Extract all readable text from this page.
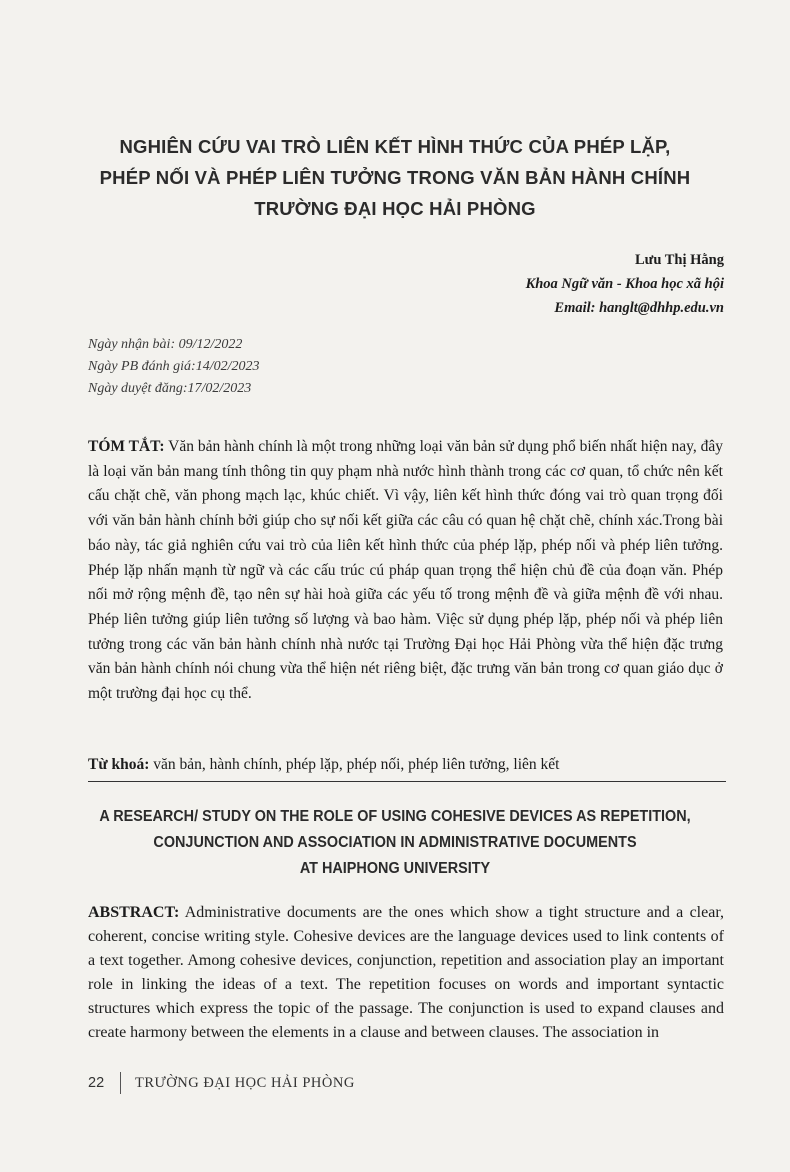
NGHIÊN CỨU VAI TRÒ LIÊN KẾT HÌNH THỨC CỦA PHÉP LẶP,
PHÉP NỐI VÀ PHÉP LIÊN TƯỞNG TRONG VĂN BẢN HÀNH CHÍNH
TRƯỜNG ĐẠI HỌC HẢI PHÒNG
Lưu Thị Hằng
Khoa Ngữ văn - Khoa học xã hội
Email: hanglt@dhhp.edu.vn
Ngày nhận bài: 09/12/2022
Ngày PB đánh giá:14/02/2023
Ngày duyệt đăng:17/02/2023
TÓM TẮT: Văn bản hành chính là một trong những loại văn bản sử dụng phổ biến nhất hiện nay, đây là loại văn bản mang tính thông tin quy phạm nhà nước hình thành trong các cơ quan, tổ chức nên kết cấu chặt chẽ, văn phong mạch lạc, khúc chiết. Vì vậy, liên kết hình thức đóng vai trò quan trọng đối với văn bản hành chính bởi giúp cho sự nối kết giữa các câu có quan hệ chặt chẽ, chính xác.Trong bài báo này, tác giả nghiên cứu vai trò của liên kết hình thức của phép lặp, phép nối và phép liên tưởng. Phép lặp nhấn mạnh từ ngữ và các cấu trúc cú pháp quan trọng thể hiện chủ đề của đoạn văn. Phép nối mở rộng mệnh đề, tạo nên sự hài hoà giữa các yếu tố trong mệnh đề và giữa mệnh đề với nhau. Phép liên tưởng giúp liên tưởng số lượng và bao hàm. Việc sử dụng phép lặp, phép nối và phép liên tưởng trong các văn bản hành chính nhà nước tại Trường Đại học Hải Phòng vừa thể hiện đặc trưng văn bản hành chính nói chung vừa thể hiện nét riêng biệt, đặc trưng văn bản trong cơ quan giáo dục ở một trường đại học cụ thể.
Từ khoá: văn bản, hành chính, phép lặp, phép nối, phép liên tưởng, liên kết
A RESEARCH/ STUDY ON THE ROLE OF USING COHESIVE DEVICES AS REPETITION,
CONJUNCTION AND ASSOCIATION IN ADMINISTRATIVE DOCUMENTS
AT HAIPHONG UNIVERSITY
ABSTRACT: Administrative documents are the ones which show a tight structure and a clear, coherent, concise writing style. Cohesive devices are the language devices used to link contents of a text together. Among cohesive devices, conjunction, repetition and association play an important role in linking the ideas of a text. The repetition focuses on words and important syntactic structures which express the topic of the passage. The conjunction is used to expand clauses and create harmony between the elements in a clause and between clauses. The association in
22	TRƯỜNG ĐẠI HỌC HẢI PHÒNG
